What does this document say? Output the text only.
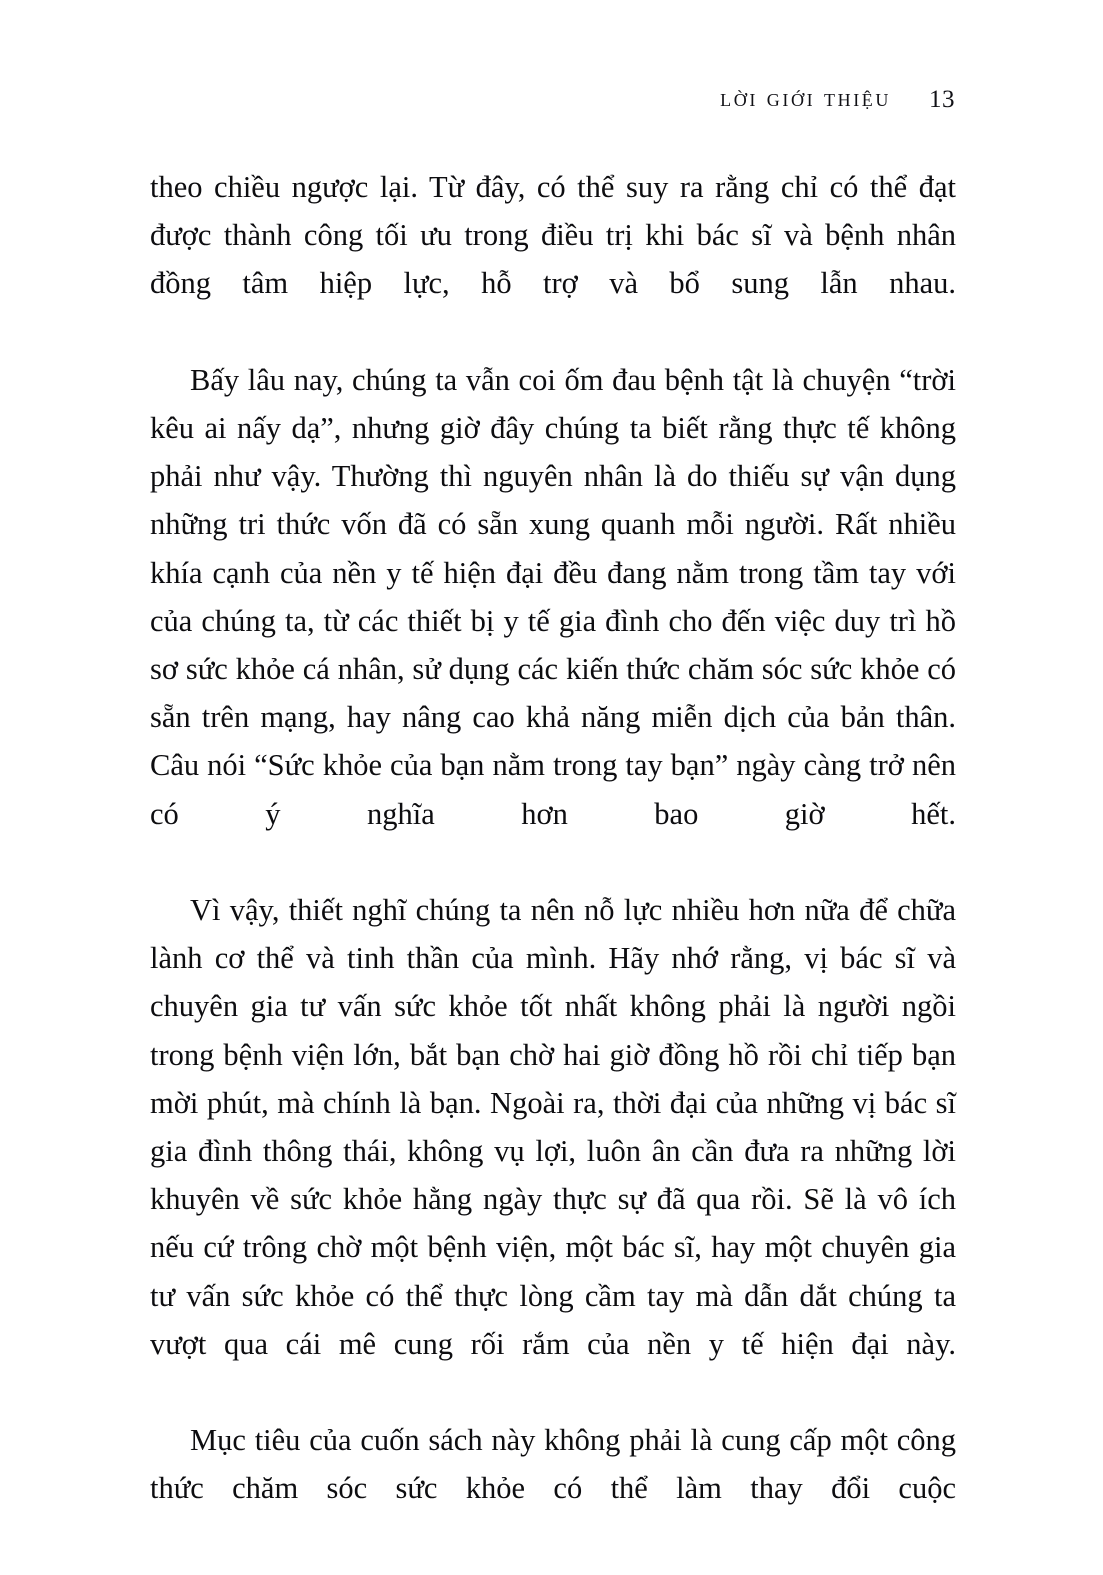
lời giới thiệu 13

theo chiều ngược lại. Từ đây, có thể suy ra rằng chỉ có thể đạt được thành công tối ưu trong điều trị khi bác sĩ và bệnh nhân đồng tâm hiệp lực, hỗ trợ và bổ sung lẫn nhau.

Bấy lâu nay, chúng ta vẫn coi ốm đau bệnh tật là chuyện “trời kêu ai nấy dạ”, nhưng giờ đây chúng ta biết rằng thực tế không phải như vậy. Thường thì nguyên nhân là do thiếu sự vận dụng những tri thức vốn đã có sẵn xung quanh mỗi người. Rất nhiều khía cạnh của nền y tế hiện đại đều đang nằm trong tầm tay với của chúng ta, từ các thiết bị y tế gia đình cho đến việc duy trì hồ sơ sức khỏe cá nhân, sử dụng các kiến thức chăm sóc sức khỏe có sẵn trên mạng, hay nâng cao khả năng miễn dịch của bản thân. Câu nói “Sức khỏe của bạn nằm trong tay bạn” ngày càng trở nên có ý nghĩa hơn bao giờ hết.

Vì vậy, thiết nghĩ chúng ta nên nỗ lực nhiều hơn nữa để chữa lành cơ thể và tinh thần của mình. Hãy nhớ rằng, vị bác sĩ và chuyên gia tư vấn sức khỏe tốt nhất không phải là người ngồi trong bệnh viện lớn, bắt bạn chờ hai giờ đồng hồ rồi chỉ tiếp bạn mời phút, mà chính là bạn. Ngoài ra, thời đại của những vị bác sĩ gia đình thông thái, không vụ lợi, luôn ân cần đưa ra những lời khuyên về sức khỏe hằng ngày thực sự đã qua rồi. Sẽ là vô ích nếu cứ trông chờ một bệnh viện, một bác sĩ, hay một chuyên gia tư vấn sức khỏe có thể thực lòng cầm tay mà dẫn dắt chúng ta vượt qua cái mê cung rối rắm của nền y tế hiện đại này.

Mục tiêu của cuốn sách này không phải là cung cấp một công thức chăm sóc sức khỏe có thể làm thay đổi cuộc
